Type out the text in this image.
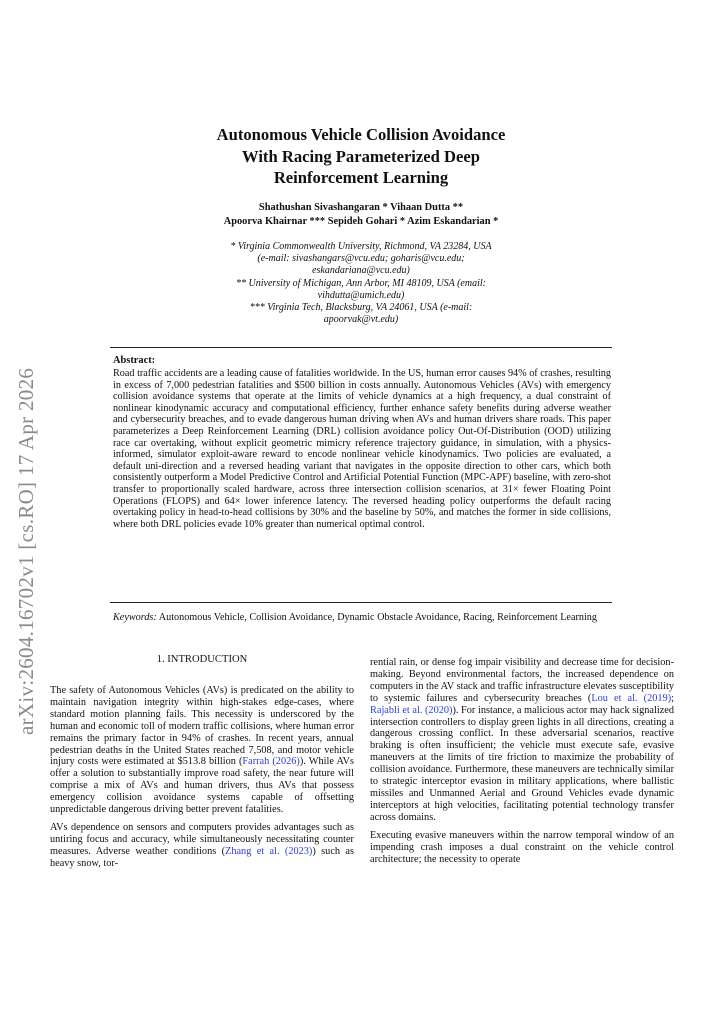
arXiv:2604.16702v1 [cs.RO] 17 Apr 2026
Autonomous Vehicle Collision Avoidance
With Racing Parameterized Deep
Reinforcement Learning
Shathushan Sivashangaran * Vihaan Dutta **
Apoorva Khairnar *** Sepideh Gohari * Azim Eskandarian *
* Virginia Commonwealth University, Richmond, VA 23284, USA
(e-mail: sivashangars@vcu.edu; goharis@vcu.edu;
eskandariana@vcu.edu)
** University of Michigan, Ann Arbor, MI 48109, USA (email:
vihdutta@umich.edu)
*** Virginia Tech, Blacksburg, VA 24061, USA (e-mail:
apoorvak@vt.edu)
Abstract:
Road traffic accidents are a leading cause of fatalities worldwide. In the US, human error causes 94% of crashes, resulting in excess of 7,000 pedestrian fatalities and $500 billion in costs annually. Autonomous Vehicles (AVs) with emergency collision avoidance systems that operate at the limits of vehicle dynamics at a high frequency, a dual constraint of nonlinear kinodynamic accuracy and computational efficiency, further enhance safety benefits during adverse weather and cybersecurity breaches, and to evade dangerous human driving when AVs and human drivers share roads. This paper parameterizes a Deep Reinforcement Learning (DRL) collision avoidance policy Out-Of-Distribution (OOD) utilizing race car overtaking, without explicit geometric mimicry reference trajectory guidance, in simulation, with a physics-informed, simulator exploit-aware reward to encode nonlinear vehicle kinodynamics. Two policies are evaluated, a default uni-direction and a reversed heading variant that navigates in the opposite direction to other cars, which both consistently outperform a Model Predictive Control and Artificial Potential Function (MPC-APF) baseline, with zero-shot transfer to proportionally scaled hardware, across three intersection collision scenarios, at 31× fewer Floating Point Operations (FLOPS) and 64× lower inference latency. The reversed heading policy outperforms the default racing overtaking policy in head-to-head collisions by 30% and the baseline by 50%, and matches the former in side collisions, where both DRL policies evade 10% greater than numerical optimal control.
Keywords: Autonomous Vehicle, Collision Avoidance, Dynamic Obstacle Avoidance, Racing, Reinforcement Learning
1. INTRODUCTION

The safety of Autonomous Vehicles (AVs) is predicated on the ability to maintain navigation integrity within high-stakes edge-cases, where standard motion planning fails. This necessity is underscored by the human and economic toll of modern traffic collisions, where human error remains the primary factor in 94% of crashes. In recent years, annual pedestrian deaths in the United States reached 7,508, and motor vehicle injury costs were estimated at $513.8 billion (Farrah (2026)). While AVs offer a solution to substantially improve road safety, the near future will comprise a mix of AVs and human drivers, thus AVs that possess emergency collision avoidance systems capable of offsetting unpredictable dangerous driving better prevent fatalities.

AVs dependence on sensors and computers provides advantages such as untiring focus and accuracy, while simultaneously necessitating counter measures. Adverse weather conditions (Zhang et al. (2023)) such as heavy snow, tor-

rential rain, or dense fog impair visibility and decrease time for decision-making. Beyond environmental factors, the increased dependence on computers in the AV stack and traffic infrastructure elevates susceptibility to systemic failures and cybersecurity breaches (Lou et al. (2019); Rajabli et al. (2020)). For instance, a malicious actor may hack signalized intersection controllers to display green lights in all directions, creating a dangerous crossing conflict. In these adversarial scenarios, reactive braking is often insufficient; the vehicle must execute safe, evasive maneuvers at the limits of tire friction to maximize the probability of collision avoidance. Furthermore, these maneuvers are technically similar to strategic interceptor evasion in military applications, where ballistic missiles and Unmanned Aerial and Ground Vehicles evade dynamic interceptors at high velocities, facilitating potential technology transfer across domains.

Executing evasive maneuvers within the narrow temporal window of an impending crash imposes a dual constraint on the vehicle control architecture; the necessity to operate
